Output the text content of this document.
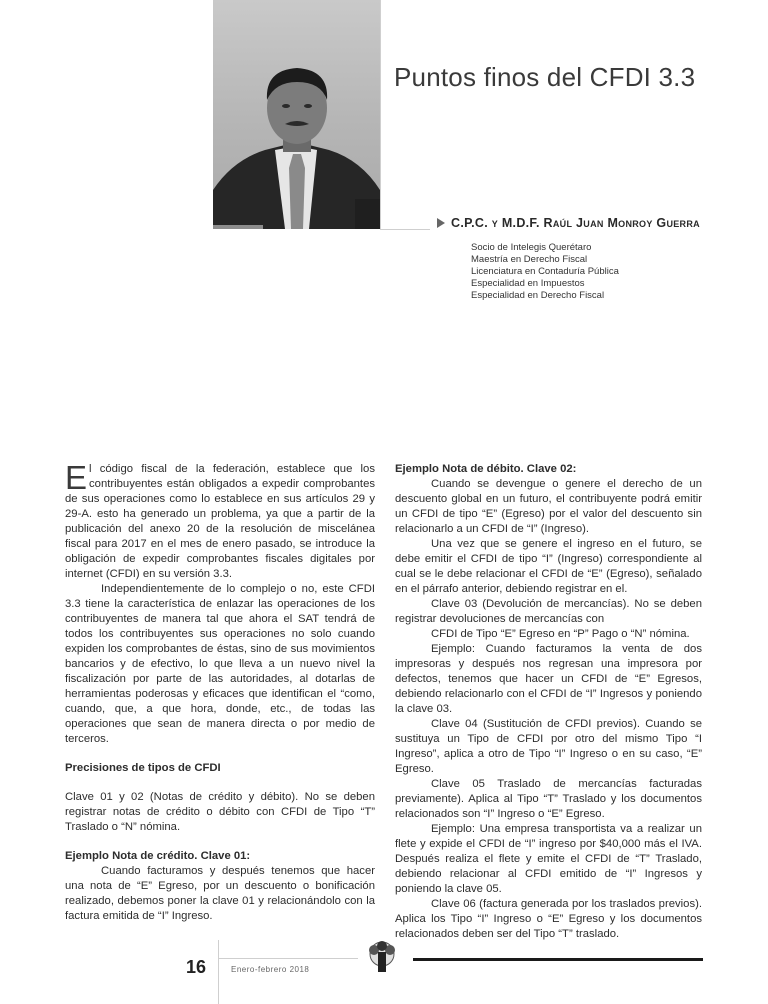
Puntos finos del CFDI 3.3
C.P.C. y M.D.F. Raúl Juan Monroy Guerra
Socio de Intelegis Querétaro
Maestría en Derecho Fiscal
Licenciatura en Contaduría Pública
Especialidad en Impuestos
Especialidad en Derecho Fiscal

El código fiscal de la federación, establece que los contribuyentes están obligados a expedir comprobantes de sus operaciones como lo establece en sus artículos 29 y 29-A. esto ha generado un problema, ya que a partir de la publicación del anexo 20 de la resolución de miscelánea fiscal para 2017 en el mes de enero pasado, se introduce la obligación de expedir comprobantes fiscales digitales por internet (CFDI) en su versión 3.3.

Independientemente de lo complejo o no, este CFDI 3.3 tiene la característica de enlazar las operaciones de los contribuyentes de manera tal que ahora el SAT tendrá de todos los contribuyentes sus operaciones no solo cuando expiden los comprobantes de éstas, sino de sus movimientos bancarios y de efectivo, lo que lleva a un nuevo nivel la fiscalización por parte de las autoridades, al dotarlas de herramientas poderosas y eficaces que identifican el “como, cuando, que, a que hora, donde, etc., de todas las operaciones que sean de manera directa o por medio de terceros.

Precisiones de tipos de CFDI

Clave 01 y 02 (Notas de crédito y débito). No se deben registrar notas de crédito o débito con CFDI de Tipo “T” Traslado o “N” nómina.

Ejemplo Nota de crédito. Clave 01:

Cuando facturamos y después tenemos que hacer una nota de “E” Egreso, por un descuento o bonificación realizado, debemos poner la clave 01 y relacionándolo con la factura emitida de “I” Ingreso.

Ejemplo Nota de débito. Clave 02:

Cuando se devengue o genere el derecho de un descuento global en un futuro, el contribuyente podrá emitir un CFDI de tipo “E” (Egreso) por el valor del descuento sin relacionarlo a un CFDI de “I” (Ingreso).

Una vez que se genere el ingreso en el futuro, se debe emitir el CFDI de tipo “I” (Ingreso) correspondiente al cual se le debe relacionar el CFDI de “E” (Egreso), señalado en el párrafo anterior, debiendo registrar en el.

Clave 03 (Devolución de mercancías). No se deben registrar devoluciones de mercancías con

CFDI de Tipo “E” Egreso en “P” Pago o “N” nómina.

Ejemplo: Cuando facturamos la venta de dos impresoras y después nos regresan una impresora por defectos, tenemos que hacer un CFDI de “E” Egresos, debiendo relacionarlo con el CFDI de “I” Ingresos y poniendo la clave 03.

Clave 04 (Sustitución de CFDI previos). Cuando se sustituya un Tipo de CFDI por otro del mismo Tipo “I Ingreso”, aplica a otro de Tipo “I” Ingreso o en su caso, “E” Egreso.

Clave 05 Traslado de mercancías facturadas previamente). Aplica al Tipo “T” Traslado y los documentos relacionados son “I” Ingreso o “E” Egreso.

Ejemplo: Una empresa transportista va a realizar un flete y expide el CFDI de “I” ingreso por $40,000 más el IVA. Después realiza el flete y emite el CFDI de “T” Traslado, debiendo relacionar al CFDI emitido de “I” Ingresos y poniendo la clave 05.

Clave 06 (factura generada por los traslados previos). Aplica los Tipo “I” Ingreso o “E” Egreso y los documentos relacionados deben ser del Tipo “T” traslado.

16	Enero-febrero 2018
